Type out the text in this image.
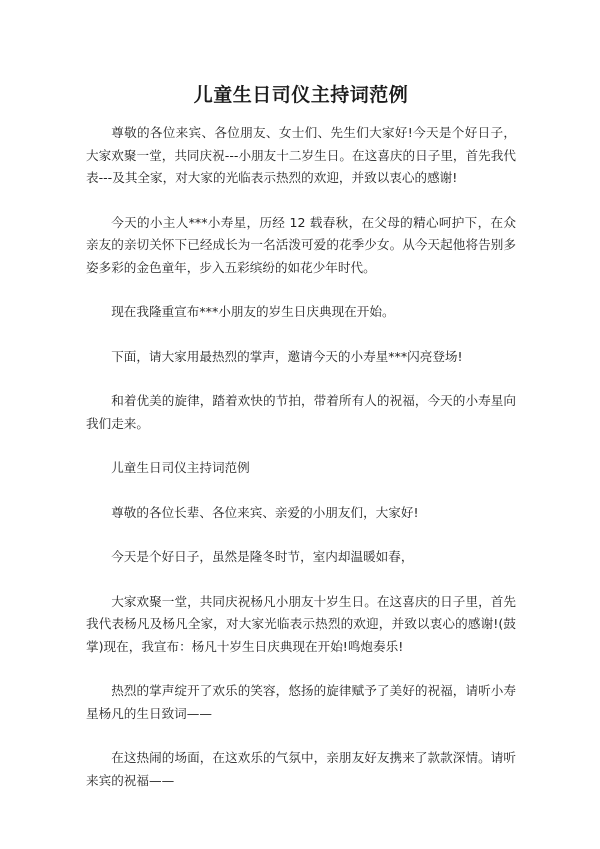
儿童生日司仪主持词范例

尊敬的各位来宾、各位朋友、女士们、先生们大家好!今天是个好日子，大家欢聚一堂，共同庆祝---小朋友十二岁生日。在这喜庆的日子里，首先我代表---及其全家，对大家的光临表示热烈的欢迎，并致以衷心的感谢!

今天的小主人***小寿星，历经 12 载春秋，在父母的精心呵护下，在众亲友的亲切关怀下已经成长为一名活泼可爱的花季少女。从今天起他将告别多姿多彩的金色童年，步入五彩缤纷的如花少年时代。

现在我隆重宣布***小朋友的岁生日庆典现在开始。

下面，请大家用最热烈的掌声，邀请今天的小寿星***闪亮登场!

和着优美的旋律，踏着欢快的节拍，带着所有人的祝福，今天的小寿星向我们走来。

儿童生日司仪主持词范例

尊敬的各位长辈、各位来宾、亲爱的小朋友们，大家好!

今天是个好日子，虽然是隆冬时节，室内却温暖如春，

大家欢聚一堂，共同庆祝杨凡小朋友十岁生日。在这喜庆的日子里，首先我代表杨凡及杨凡全家，对大家光临表示热烈的欢迎，并致以衷心的感谢!(鼓掌)现在，我宣布：杨凡十岁生日庆典现在开始!鸣炮奏乐!

热烈的掌声绽开了欢乐的笑容，悠扬的旋律赋予了美好的祝福，请听小寿星杨凡的生日致词——

在这热闹的场面，在这欢乐的气氛中，亲朋友好友携来了款款深情。请听来宾的祝福——
